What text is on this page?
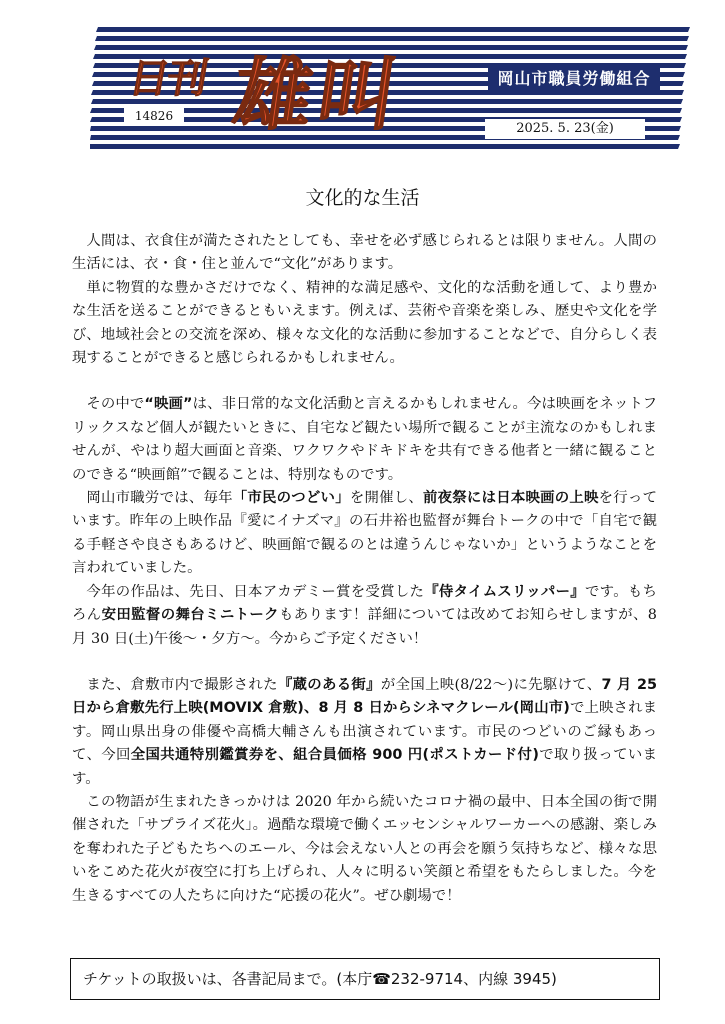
日刊 雄叫	岡山市職員労働組合
14826
2025. 5. 23(金)
文化的な生活

人間は、衣食住が満たされたとしても、幸せを必ず感じられるとは限りません。人間の生活には、衣・食・住と並んで“文化”があります。

単に物質的な豊かさだけでなく、精神的な満足感や、文化的な活動を通して、より豊かな生活を送ることができるともいえます。例えば、芸術や音楽を楽しみ、歴史や文化を学び、地域社会との交流を深め、様々な文化的な活動に参加することなどで、自分らしく表現することができると感じられるかもしれません。

その中で“映画”は、非日常的な文化活動と言えるかもしれません。今は映画をネットフリックスなど個人が観たいときに、自宅など観たい場所で観ることが主流なのかもしれませんが、やはり超大画面と音楽、ワクワクやドキドキを共有できる他者と一緒に観ることのできる“映画館”で観ることは、特別なものです。

岡山市職労では、毎年「市民のつどい」を開催し、前夜祭には日本映画の上映を行っています。昨年の上映作品『愛にイナズマ』の石井裕也監督が舞台トークの中で「自宅で観る手軽さや良さもあるけど、映画館で観るのとは違うんじゃないか」というようなことを言われていました。

今年の作品は、先日、日本アカデミー賞を受賞した『侍タイムスリッパー』です。もちろん安田監督の舞台ミニトークもあります！詳細については改めてお知らせしますが、8 月 30 日(土)午後～・夕方～。今からご予定ください！

また、倉敷市内で撮影された『蔵のある街』が全国上映(8/22～)に先駆けて、7 月 25 日から倉敷先行上映(MOVIX 倉敷)、8 月 8 日からシネマクレール(岡山市)で上映されます。岡山県出身の俳優や高橋大輔さんも出演されています。市民のつどいのご縁もあって、今回全国共通特別鑑賞券を、組合員価格 900 円(ポストカード付)で取り扱っています。

この物語が生まれたきっかけは 2020 年から続いたコロナ禍の最中、日本全国の街で開催された「サプライズ花火」。過酷な環境で働くエッセンシャルワーカーへの感謝、楽しみを奪われた子どもたちへのエール、今は会えない人との再会を願う気持ちなど、様々な思いをこめた花火が夜空に打ち上げられ、人々に明るい笑顔と希望をもたらしました。今を生きるすべての人たちに向けた“応援の花火”。ぜひ劇場で！

チケットの取扱いは、各書記局まで。(本庁☎232-9714、内線 3945)
